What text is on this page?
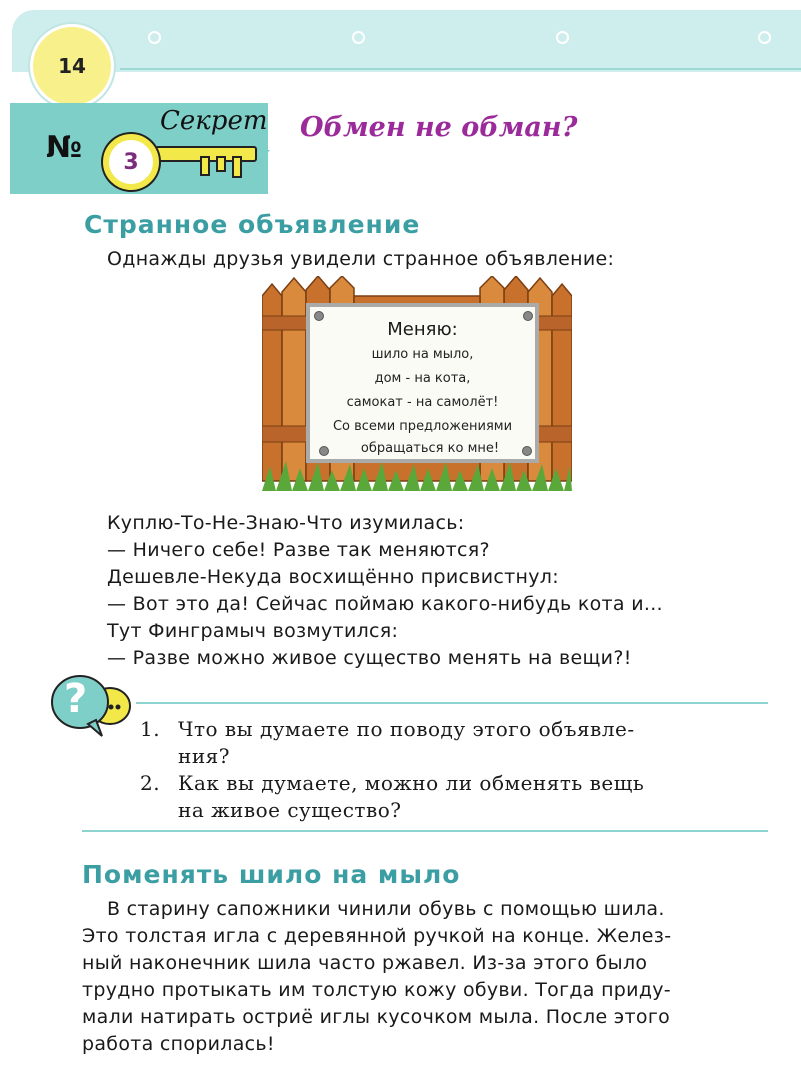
14
№
Секрет
3
Обмен не обман?
Странное объявление
Однажды друзья увидели странное объявление:
Меняю:
шило на мыло,
дом - на кота,
самокат - на самолёт!
Со всеми предложениями
обращаться ко мне!
Куплю-То-Не-Знаю-Что изумилась:
— Ничего себе! Разве так меняются?
Дешевле-Некуда восхищённо присвистнул:
— Вот это да! Сейчас поймаю какого-нибудь кота и...
Тут Финграмыч возмутился:
— Разве можно живое существо менять на вещи?!
?
1. Что вы думаете по поводу этого объявле-
ния?
2. Как вы думаете, можно ли обменять вещь
на живое существо?
Поменять шило на мыло
В старину сапожники чинили обувь с помощью шила.
Это толстая игла с деревянной ручкой на конце. Желез-
ный наконечник шила часто ржавел. Из-за этого было
трудно протыкать им толстую кожу обуви. Тогда приду-
мали натирать остриё иглы кусочком мыла. После этого
работа спорилась!
